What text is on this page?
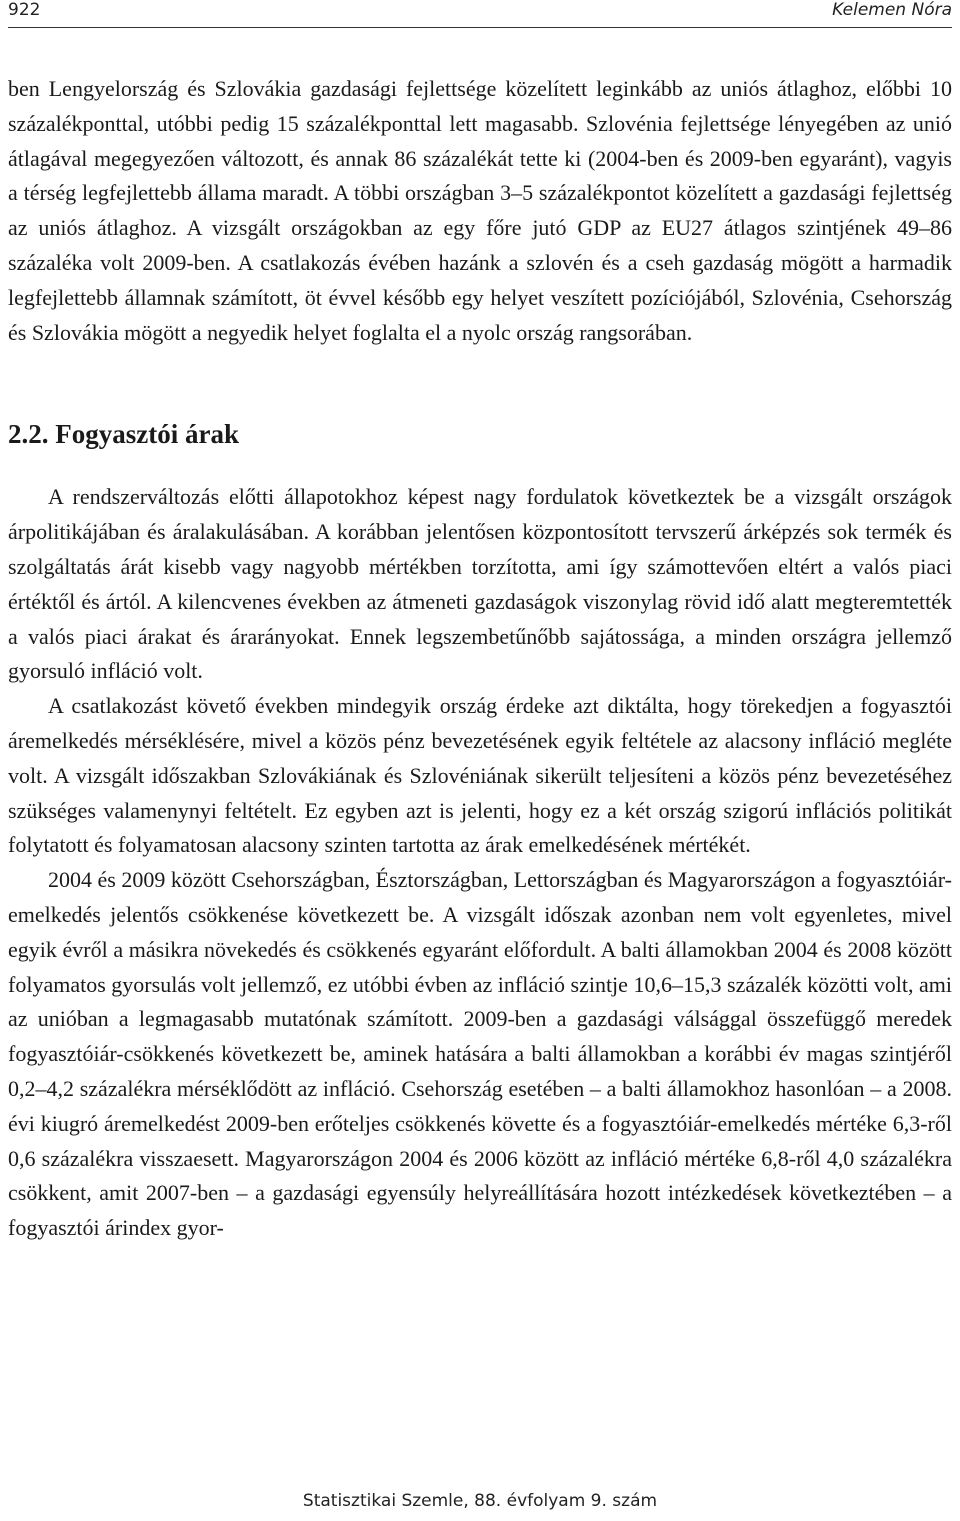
922	Kelemen Nóra

ben Lengyelország és Szlovákia gazdasági fejlettsége közelített leginkább az uniós átlaghoz, előbbi 10 százalékponttal, utóbbi pedig 15 százalékponttal lett magasabb. Szlovénia fejlettsége lényegében az unió átlagával megegyezően változott, és annak 86 százalékát tette ki (2004-ben és 2009-ben egyaránt), vagyis a térség legfejlettebb állama maradt. A többi országban 3–5 százalékpontot közelített a gazdasági fejlettség az uniós átlaghoz. A vizsgált országokban az egy főre jutó GDP az EU27 átlagos szintjének 49–86 százaléka volt 2009-ben. A csatlakozás évében hazánk a szlovén és a cseh gazdaság mögött a harmadik legfejlettebb államnak számított, öt évvel később egy helyet veszített pozíciójából, Szlovénia, Csehország és Szlovákia mögött a negyedik helyet foglalta el a nyolc ország rangsorában.

2.2. Fogyasztói árak

A rendszerváltozás előtti állapotokhoz képest nagy fordulatok következtek be a vizsgált országok árpolitikájában és áralakulásában. A korábban jelentősen központosított tervszerű árképzés sok termék és szolgáltatás árát kisebb vagy nagyobb mértékben torzította, ami így számottevően eltért a valós piaci értéktől és ártól. A kilencvenes években az átmeneti gazdaságok viszonylag rövid idő alatt megteremtették a valós piaci árakat és árarányokat. Ennek legszembetűnőbb sajátossága, a minden országra jellemző gyorsuló infláció volt.

A csatlakozást követő években mindegyik ország érdeke azt diktálta, hogy törekedjen a fogyasztói áremelkedés mérséklésére, mivel a közös pénz bevezetésének egyik feltétele az alacsony infláció megléte volt. A vizsgált időszakban Szlovákiának és Szlovéniának sikerült teljesíteni a közös pénz bevezetéséhez szükséges valamenynyi feltételt. Ez egyben azt is jelenti, hogy ez a két ország szigorú inflációs politikát folytatott és folyamatosan alacsony szinten tartotta az árak emelkedésének mértékét.

2004 és 2009 között Csehországban, Észtországban, Lettországban és Magyarországon a fogyasztóiár-emelkedés jelentős csökkenése következett be. A vizsgált időszak azonban nem volt egyenletes, mivel egyik évről a másikra növekedés és csökkenés egyaránt előfordult. A balti államokban 2004 és 2008 között folyamatos gyorsulás volt jellemző, ez utóbbi évben az infláció szintje 10,6–15,3 százalék közötti volt, ami az unióban a legmagasabb mutatónak számított. 2009-ben a gazdasági válsággal összefüggő meredek fogyasztóiár-csökkenés következett be, aminek hatására a balti államokban a korábbi év magas szintjéről 0,2–4,2 százalékra mérséklődött az infláció. Csehország esetében – a balti államokhoz hasonlóan – a 2008. évi kiugró áremelkedést 2009-ben erőteljes csökkenés követte és a fogyasztóiár-emelkedés mértéke 6,3-ről 0,6 százalékra visszaesett. Magyarországon 2004 és 2006 között az infláció mértéke 6,8-ről 4,0 százalékra csökkent, amit 2007-ben – a gazdasági egyensúly helyreállítására hozott intézkedések következtében – a fogyasztói árindex gyor-

Statisztikai Szemle, 88. évfolyam 9. szám
